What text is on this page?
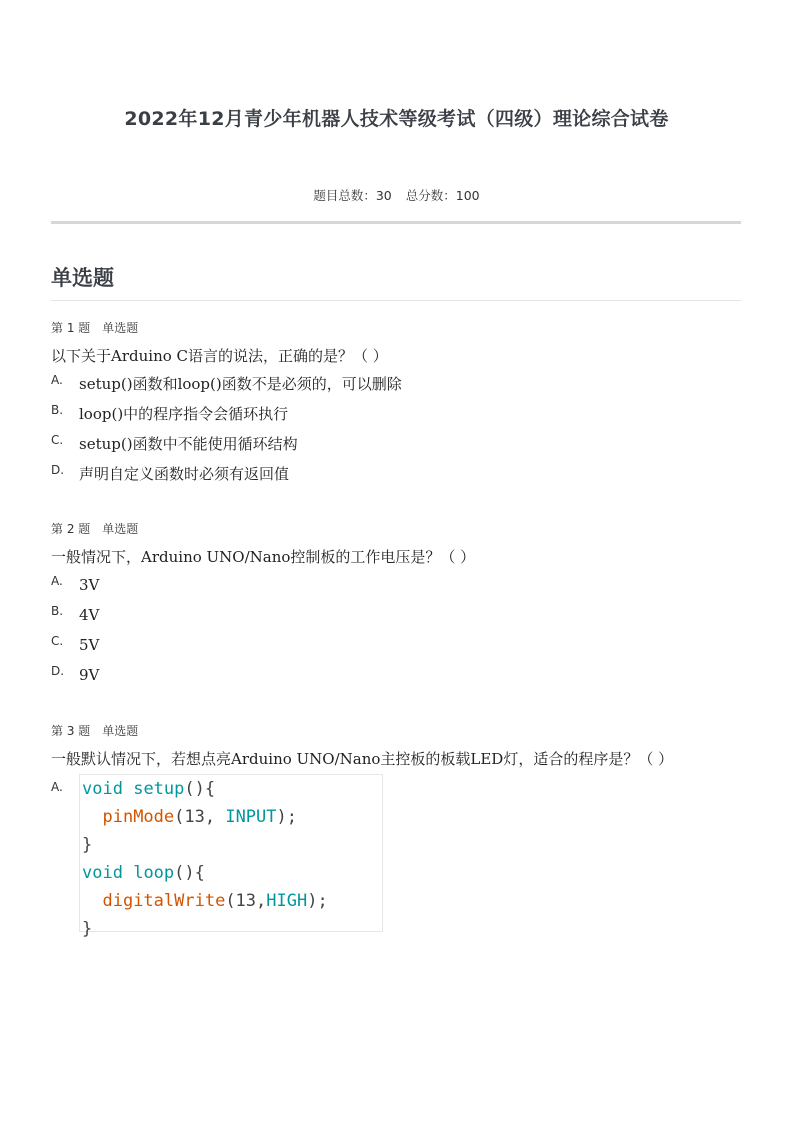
2022年12月青少年机器人技术等级考试（四级）理论综合试卷
题目总数：30 总分数：100
单选题
第 1 题 单选题
以下关于Arduino C语言的说法，正确的是？（ ）
A. setup()函数和loop()函数不是必须的，可以删除
B. loop()中的程序指令会循环执行
C. setup()函数中不能使用循环结构
D. 声明自定义函数时必须有返回值
第 2 题 单选题
一般情况下，Arduino UNO/Nano控制板的工作电压是？（ ）
A. 3V
B. 4V
C. 5V
D. 9V
第 3 题 单选题
一般默认情况下，若想点亮Arduino UNO/Nano主控板的板载LED灯，适合的程序是？（ ）
A. void setup(){
pinMode(13, INPUT);
}
void loop(){
digitalWrite(13,HIGH);
}
